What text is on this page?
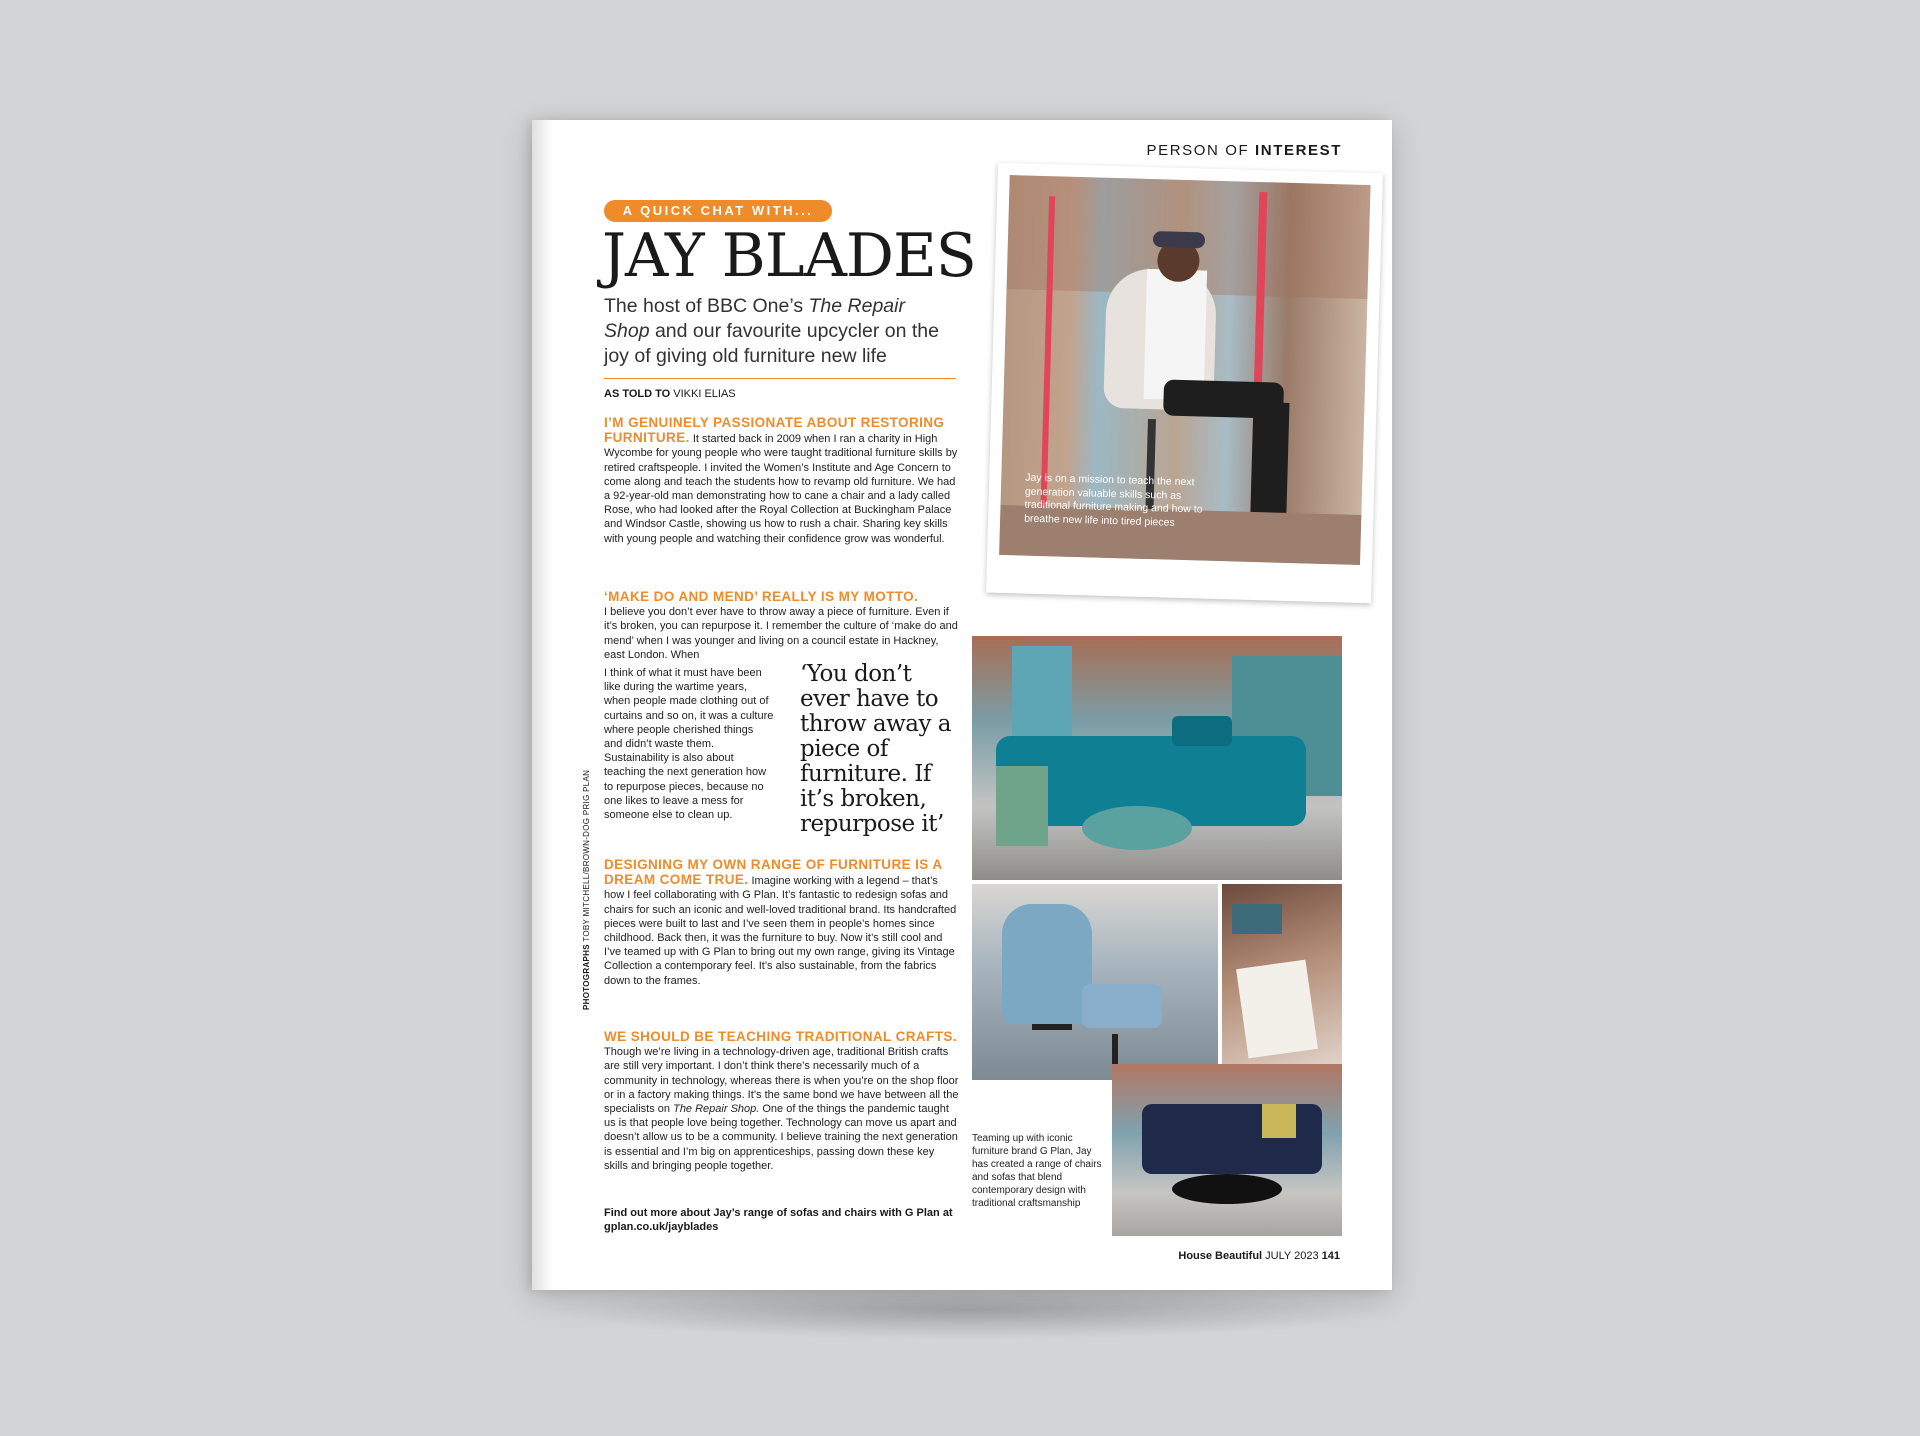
PERSON OF INTEREST
A QUICK CHAT WITH...
JAY BLADES
The host of BBC One’s The Repair Shop and our favourite upcycler on the joy of giving old furniture new life
AS TOLD TO VIKKI ELIAS
I’M GENUINELY PASSIONATE ABOUT RESTORING FURNITURE. It started back in 2009 when I ran a charity in High Wycombe for young people who were taught traditional furniture skills by retired craftspeople. I invited the Women’s Institute and Age Concern to come along and teach the students how to revamp old furniture. We had a 92-year-old man demonstrating how to cane a chair and a lady called Rose, who had looked after the Royal Collection at Buckingham Palace and Windsor Castle, showing us how to rush a chair. Sharing key skills with young people and watching their confidence grow was wonderful.
‘MAKE DO AND MEND’ REALLY IS MY MOTTO.
I believe you don’t ever have to throw away a piece of furniture. Even if it’s broken, you can repurpose it. I remember the culture of ‘make do and mend’ when I was younger and living on a council estate in Hackney, east London. When
I think of what it must have been like during the wartime years, when people made clothing out of curtains and so on, it was a culture where people cherished things and didn’t waste them. Sustainability is also about teaching the next generation how to repurpose pieces, because no one likes to leave a mess for someone else to clean up.
‘You don’t ever have to throw away a piece of furniture. If it’s broken, repurpose it’
DESIGNING MY OWN RANGE OF FURNITURE IS A DREAM COME TRUE. Imagine working with a legend – that’s how I feel collaborating with G Plan. It’s fantastic to redesign sofas and chairs for such an iconic and well-loved traditional brand. Its handcrafted pieces were built to last and I’ve seen them in people’s homes since childhood. Back then, it was the furniture to buy. Now it’s still cool and I’ve teamed up with G Plan to bring out my own range, giving its Vintage Collection a contemporary feel. It’s also sustainable, from the fabrics down to the frames.
WE SHOULD BE TEACHING TRADITIONAL CRAFTS. Though we’re living in a technology-driven age, traditional British crafts are still very important. I don’t think there’s necessarily much of a community in technology, whereas there is when you’re on the shop floor or in a factory making things. It’s the same bond we have between all the specialists on The Repair Shop. One of the things the pandemic taught us is that people love being together. Technology can move us apart and doesn’t allow us to be a community. I believe training the next generation is essential and I’m big on apprenticeships, passing down these key skills and bringing people together.
Find out more about Jay’s range of sofas and chairs with G Plan at gplan.co.uk/jayblades
PHOTOGRAPHS TOBY MITCHELL/BROWN-DOG PRIG PLAN
Jay is on a mission to teach the next generation valuable skills such as traditional furniture making and how to breathe new life into tired pieces
Teaming up with iconic furniture brand G Plan, Jay has created a range of chairs and sofas that blend contemporary design with traditional craftsmanship
House Beautiful JULY 2023 141
